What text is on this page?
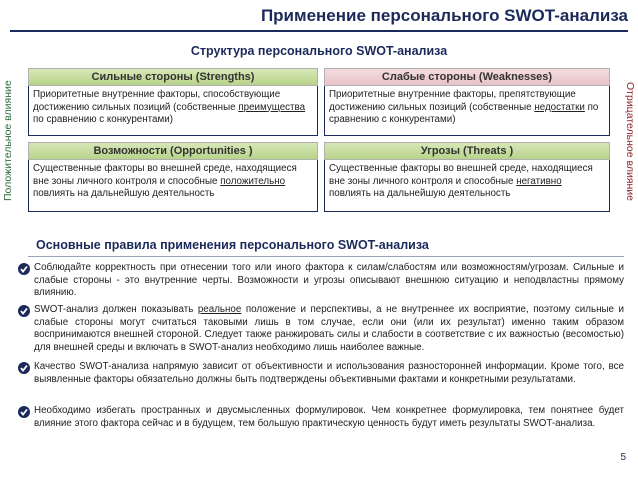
Применение персонального SWOT-анализа
Структура персонального SWOT-анализа
Положительное влияние	Отрицательное влияние
Сильные стороны (Strengths)
Приоритетные внутренние факторы, способствующие достижению сильных позиций (собственные преимущества по сравнению с конкурентами)
Слабые стороны (Weaknesses)
Приоритетные внутренние факторы, препятствующие достижению сильных позиций (собственные недостатки по сравнению с конкурентами)
Возможности (Opportunities )
Существенные факторы во внешней среде, находящиеся вне зоны личного контроля и способные положительно повлиять на дальнейшую деятельность
Угрозы (Threats )
Существенные факторы во внешней среде, находящиеся вне зоны личного контроля и способные негативно повлиять на дальнейшую деятельность
Основные правила применения персонального SWOT-анализа
Соблюдайте корректность при отнесении того или иного фактора к силам/слабостям или возможностям/угрозам. Сильные и слабые стороны - это внутренние черты. Возможности и угрозы описывают внешнюю ситуацию и неподвластны прямому влиянию.
SWOT-анализ должен показывать реальное положение и перспективы, а не внутреннее их восприятие, поэтому сильные и слабые стороны могут считаться таковыми лишь в том случае, если они (или их результат) именно таким образом воспринимаются внешней стороной. Следует также ранжировать силы и слабости в соответствие с их важностью (весомостью) для внешней среды и включать в SWOT-анализ необходимо лишь наиболее важные.
Качество SWOT-анализа напрямую зависит от объективности и использования разносторонней информации. Кроме того, все выявленные факторы обязательно должны быть подтверждены объективными фактами и конкретными результатами.
Необходимо избегать пространных и двусмысленных формулировок. Чем конкретнее формулировка, тем понятнее будет влияние этого фактора сейчас и в будущем, тем большую практическую ценность будут иметь результаты SWOT-анализа.
5
